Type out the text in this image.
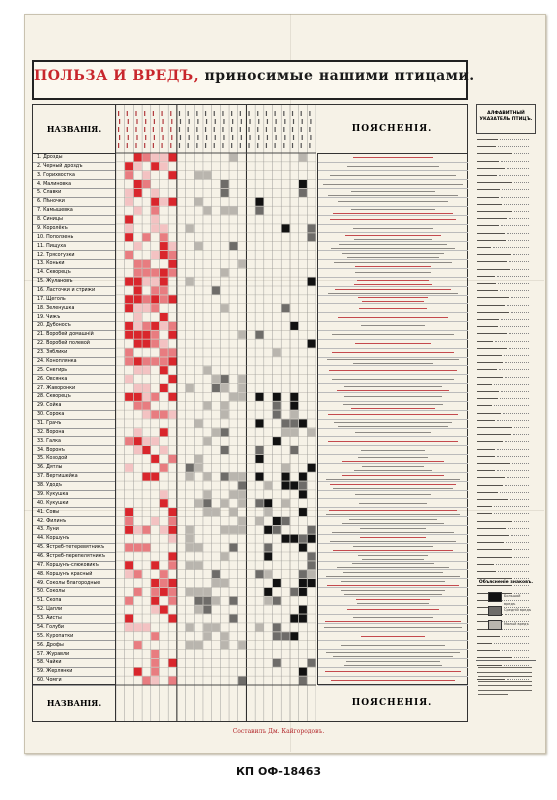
ПОЛЬЗА И ВРЕДЪ, приносимые нашими птицами.
НАЗВАНІЯ.
1. Дрозды
2. Черный дроздъ
3. Горихвостка
4. Малиновка
5. Славки
6. Пѣночки
7. Камышевка
8. Синицы
9. Королёкъ
10. Поползень
11. Пищуха
12. Трясогузки
13. Коньки
14. Скворецъ
15. Жулановъ
16. Ласточки и стрижи
17. Щеголь
18. Зеленушка
19. Чижъ
20. Дубоносъ
21. Воробей домашній
22. Воробей полевой
23. Зяблики
24. Коноплянка
25. Снегирь
26. Овсянка
27. Жаворонки
28. Скворецъ
29. Сойка
30. Сорока
31. Грачъ
32. Ворона
33. Галка
34. Воронъ
35. Козодой
36. Дятлы
37. Вертишейка
38. Удодъ
39. Кукушка
40. Кукушки
41. Совы
42. Филинъ
43. Луни
44. Коршунъ
45. Ястреб-тетеревятникъ
46. Ястреб-перепелятникъ
47. Коршунъ-слюковикъ
48. Коршунъ красный
49. Соколы благородные
50. Соколы
51. Скопа
52. Цапли
53. Аисты
54. Голуби
55. Куропатки
56. Дрофы
57. Журавли
58. Чайки
59. Жерлянки
60. Чомги
НАЗВАНІЯ.
ПОЯСНЕНІЯ.
ПОЯСНЕНІЯ.
АЛФАВИТНЫЙ УКАЗАТЕЛЬ ПТИЦЪ.
Объясненіе знаковъ.
Большой вредъ
Средній вредъ
Малый вредъ
Составилъ Дм. Кайгородовъ.
КП ОФ-18463
